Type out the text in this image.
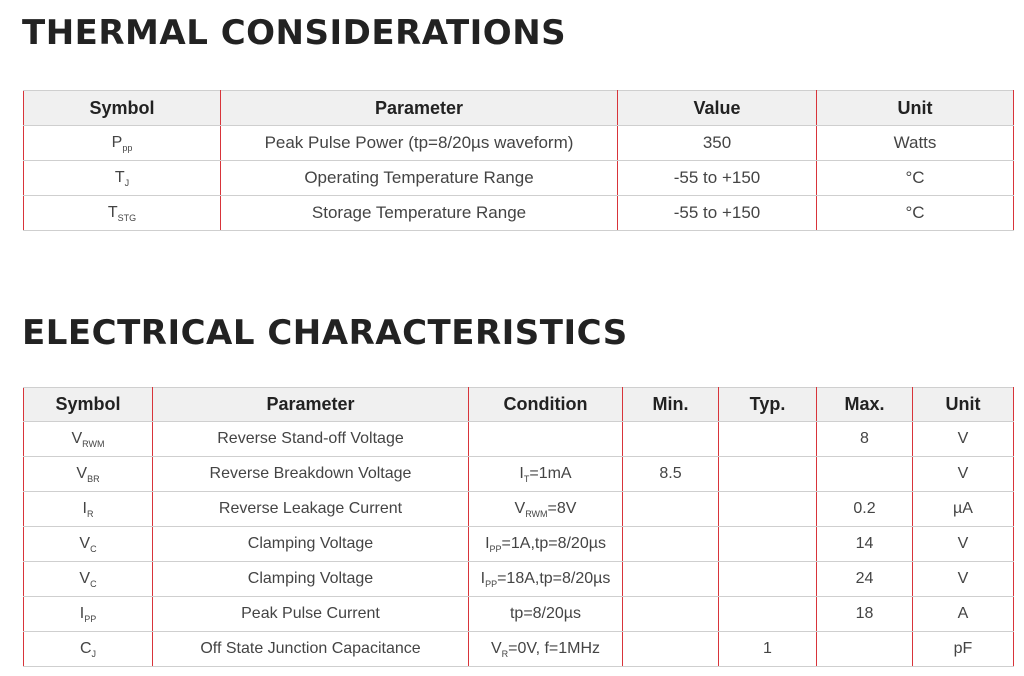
THERMAL CONSIDERATIONS
Symbol	Parameter	Value	Unit
$P_{pp}$	Peak Pulse Power (tp=8/20µs waveform)	350	Watts
$T_J$	Operating Temperature Range	-55 to +150	°C
$T_{STG}$	Storage Temperature Range	-55 to +150	°C
ELECTRICAL CHARACTERISTICS
Symbol	Parameter	Condition	Min.	Typ.	Max.	Unit
$V_{RWM}$	Reverse Stand-off Voltage				8	V
$V_{BR}$	Reverse Breakdown Voltage	$I_T=1mA$	8.5			V
$I_R$	Reverse Leakage Current	$V_{RWM}=8V$			0.2	µA
$V_C$	Clamping Voltage	$I_{PP}=1A,tp=8/20\mu s$			14	V
$V_C$	Clamping Voltage	$I_{PP}=18A,tp=8/20\mu s$			24	V
$I_{PP}$	Peak Pulse Current	tp=8/20µs			18	A
$C_J$	Off State Junction Capacitance	$V_R=0V$, f=1MHz		1		pF
